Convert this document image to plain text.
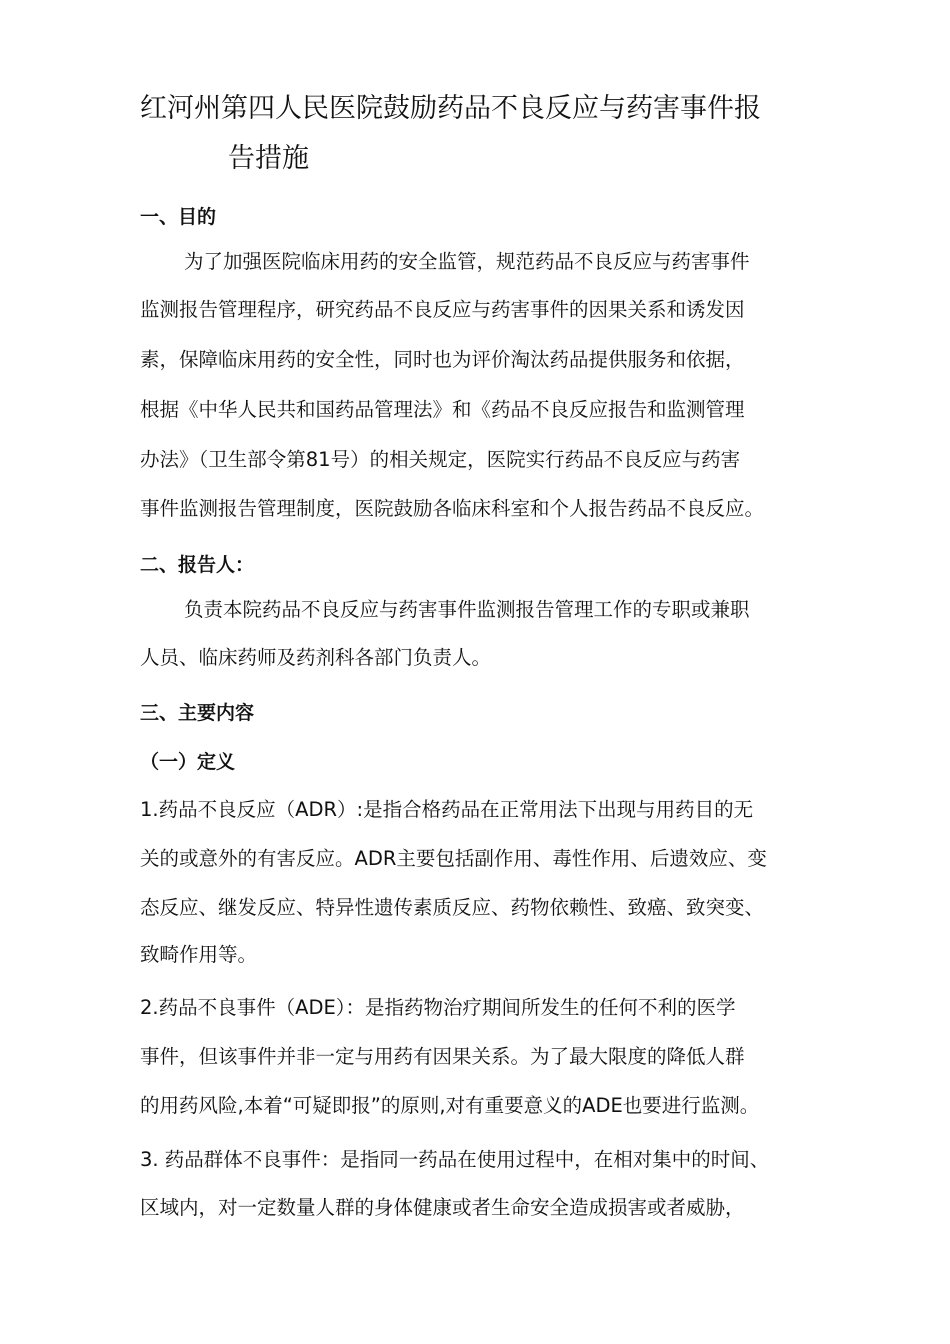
红河州第四人民医院鼓励药品不良反应与药害事件报
告措施
一、目的
为了加强医院临床用药的安全监管，规范药品不良反应与药害事件
监测报告管理程序，研究药品不良反应与药害事件的因果关系和诱发因
素，保障临床用药的安全性，同时也为评价淘汰药品提供服务和依据，
根据《中华人民共和国药品管理法》和《药品不良反应报告和监测管理
办法》（卫生部令第81号）的相关规定，医院实行药品不良反应与药害
事件监测报告管理制度，医院鼓励各临床科室和个人报告药品不良反应。
二、报告人：
负责本院药品不良反应与药害事件监测报告管理工作的专职或兼职
人员、临床药师及药剂科各部门负责人。
三、主要内容
（一）定义
1.药品不良反应（ADR）:是指合格药品在正常用法下出现与用药目的无
关的或意外的有害反应。ADR主要包括副作用、毒性作用、后遗效应、变
态反应、继发反应、特异性遗传素质反应、药物依赖性、致癌、致突变、
致畸作用等。
2.药品不良事件（ADE）：是指药物治疗期间所发生的任何不利的医学
事件，但该事件并非一定与用药有因果关系。为了最大限度的降低人群
的用药风险,本着“可疑即报”的原则,对有重要意义的ADE也要进行监测。
3. 药品群体不良事件：是指同一药品在使用过程中，在相对集中的时间、
区域内，对一定数量人群的身体健康或者生命安全造成损害或者威胁，
